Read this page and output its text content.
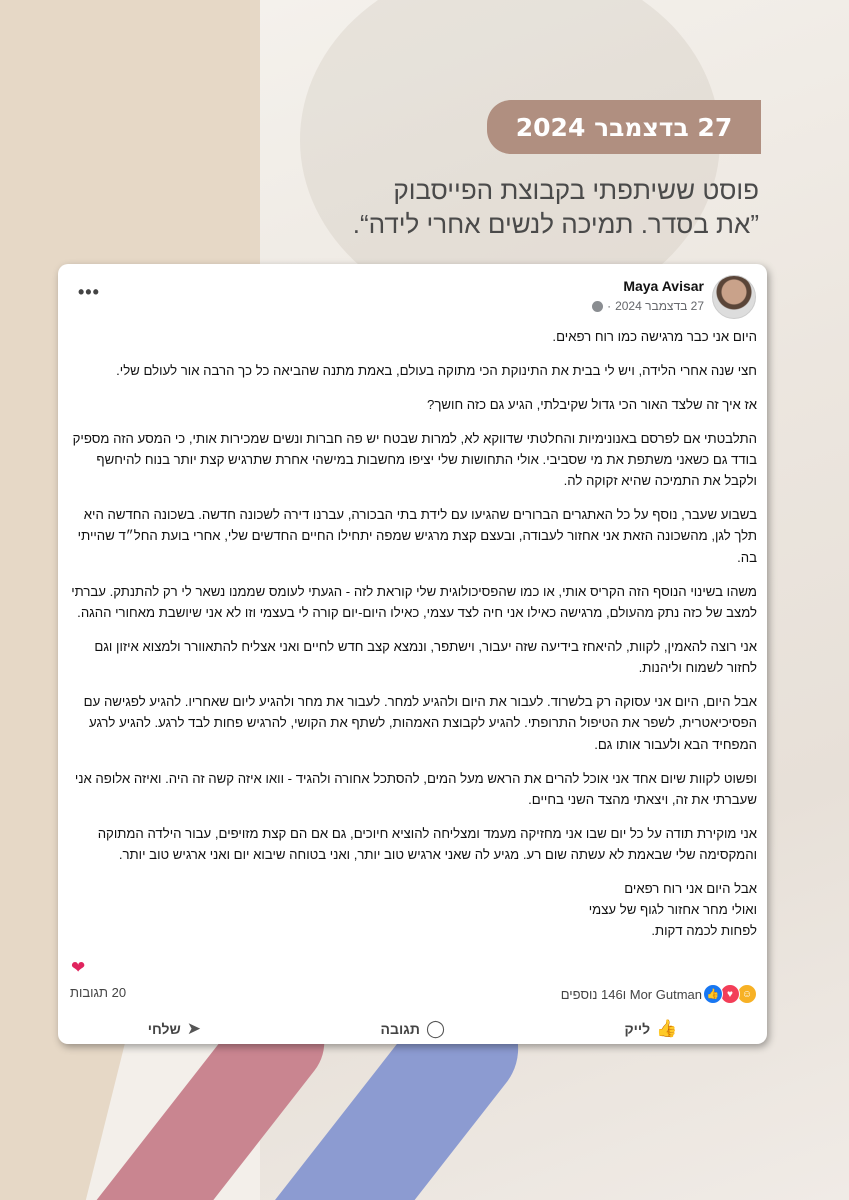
27 בדצמבר 2024
פוסט ששיתפתי בקבוצת הפייסבוק
”את בסדר. תמיכה לנשים אחרי לידה“.
Maya Avisar
27 בדצמבר 2024
·
•••

היום אני כבר מרגישה כמו רוח רפאים.

חצי שנה אחרי הלידה, ויש לי בבית את התינוקת הכי מתוקה בעולם, באמת מתנה שהביאה כל כך הרבה אור לעולם שלי.

אז איך זה שלצד האור הכי גדול שקיבלתי, הגיע גם כזה חושך?

התלבטתי אם לפרסם באנונימיות והחלטתי שדווקא לא, למרות שבטח יש פה חברות ונשים שמכירות אותי, כי המסע הזה מספיק בודד גם כשאני משתפת את מי שסביבי. אולי התחושות שלי יציפו מחשבות במישהי אחרת שתרגיש קצת יותר בנוח להיחשף ולקבל את התמיכה שהיא זקוקה לה.

בשבוע שעבר, נוסף על כל האתגרים הברורים שהגיעו עם לידת בתי הבכורה, עברנו דירה לשכונה חדשה. בשכונה החדשה היא תלך לגן, מהשכונה הזאת אני אחזור לעבודה, ובעצם קצת מרגיש שמפה יתחילו החיים החדשים שלי, אחרי בועת החל״ד שהייתי בה.

משהו בשינוי הנוסף הזה הקריס אותי, או כמו שהפסיכולוגית שלי קוראת לזה - הגעתי לעומס שממנו נשאר לי רק להתנתק. עברתי למצב של כזה נתק מהעולם, מרגישה כאילו אני חיה לצד עצמי, כאילו היום-יום קורה לי בעצמי וזו לא אני שיושבת מאחורי ההגה.

אני רוצה להאמין, לקוות, להיאחז בידיעה שזה יעבור, וישתפר, ונמצא קצב חדש לחיים ואני אצליח להתאוורר ולמצוא איזון וגם לחזור לשמוח וליהנות.

אבל היום, היום אני עסוקה רק בלשרוד. לעבור את היום ולהגיע למחר. לעבור את מחר ולהגיע ליום שאחריו. להגיע לפגישה עם הפסיכיאטרית, לשפר את הטיפול התרופתי. להגיע לקבוצת האמהות, לשתף את הקושי, להרגיש פחות לבד לרגע. להגיע לרגע המפחיד הבא ולעבור אותו גם.

ופשוט לקוות שיום אחד אני אוכל להרים את הראש מעל המים, להסתכל אחורה ולהגיד - וואו איזה קשה זה היה. ואיזה אלופה אני שעברתי את זה, ויצאתי מהצד השני בחיים.

אני מוקירת תודה על כל יום שבו אני מחזיקה מעמד ומצליחה להוציא חיוכים, גם אם הם קצת מזויפים, עבור הילדה המתוקה והמקסימה שלי שבאמת לא עשתה שום רע. מגיע לה שאני ארגיש טוב יותר, ואני בטוחה שיבוא יום ואני ארגיש טוב יותר.

אבל היום אני רוח רפאים
ואולי מחר אחזור לגוף של עצמי
לפחות לכמה דקות.

❤
👍 ♥ ☺
Mor Gutman ו146 נוספים
20 תגובות
👍
לייק
◯
תגובה
➤
שלחי
